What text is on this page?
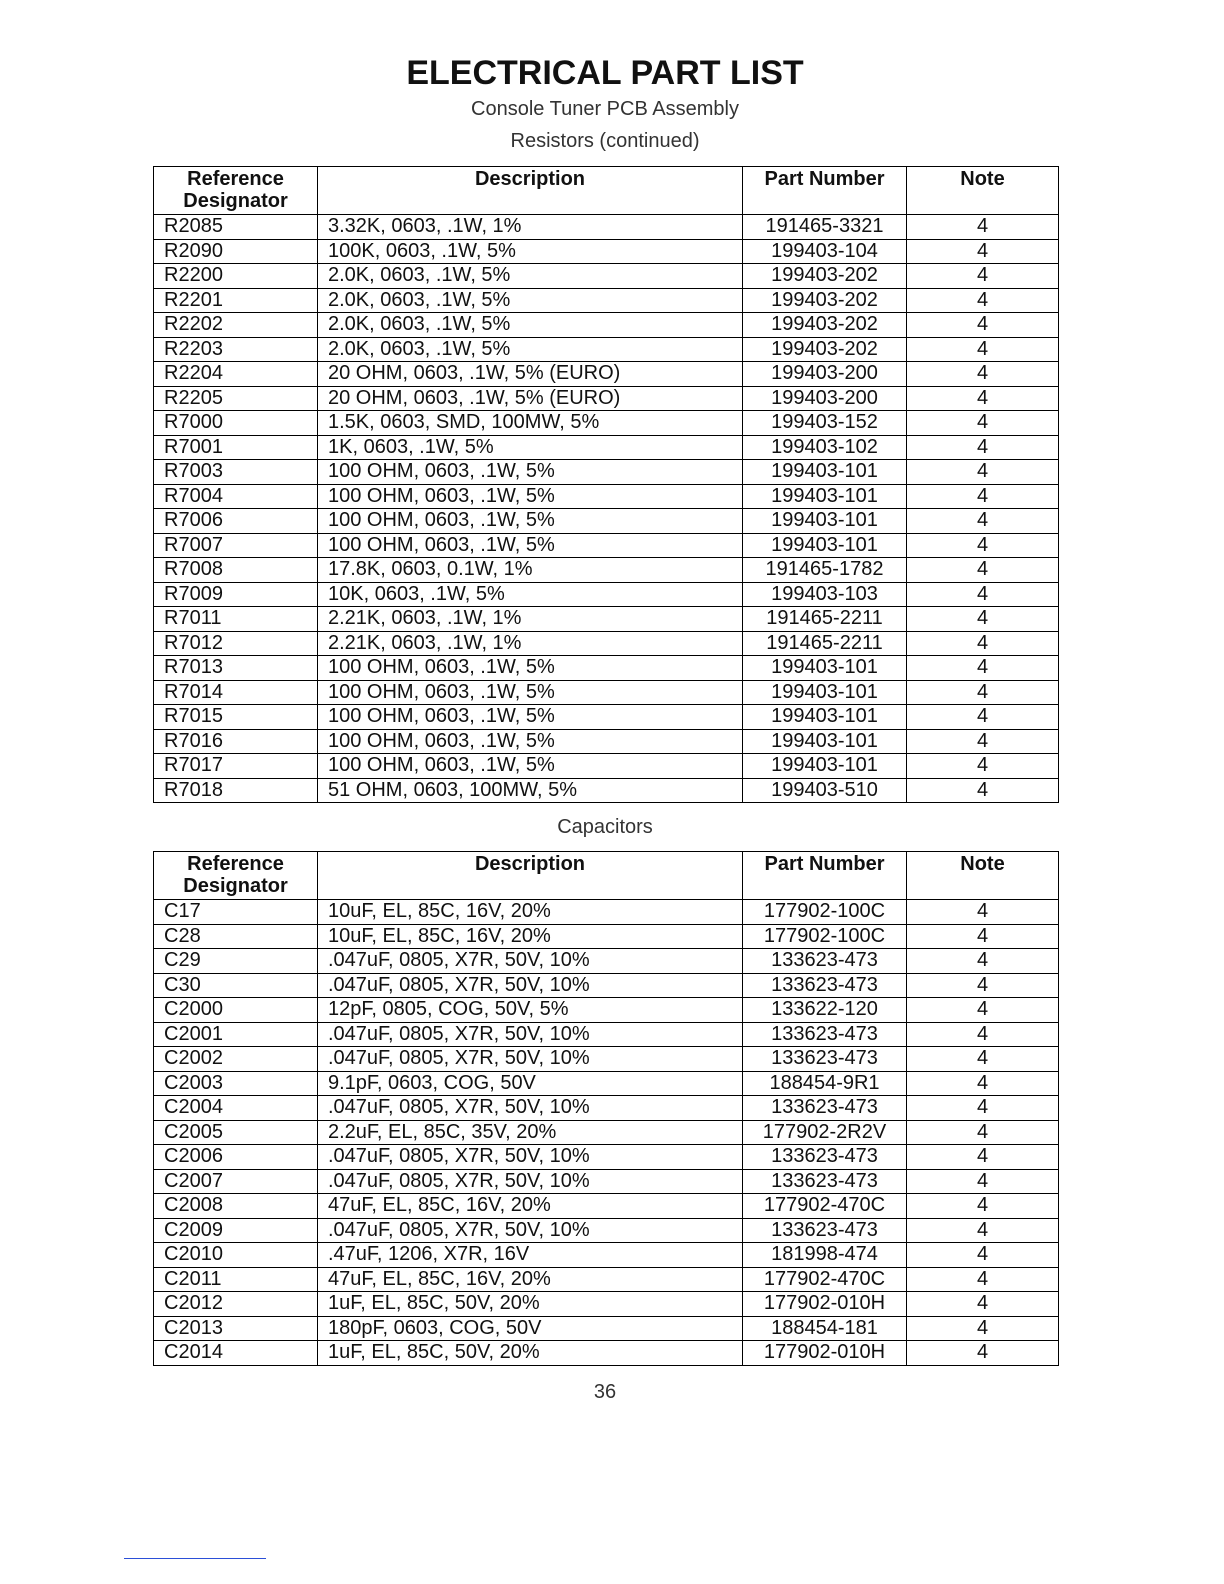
ELECTRICAL PART LIST
Console Tuner PCB Assembly
Resistors (continued)
Reference Designator	Description	Part Number	Note
R2085	3.32K, 0603, .1W, 1%	191465-3321	4
R2090	100K, 0603, .1W, 5%	199403-104	4
R2200	2.0K, 0603, .1W, 5%	199403-202	4
R2201	2.0K, 0603, .1W, 5%	199403-202	4
R2202	2.0K, 0603, .1W, 5%	199403-202	4
R2203	2.0K, 0603, .1W, 5%	199403-202	4
R2204	20 OHM, 0603, .1W, 5% (EURO)	199403-200	4
R2205	20 OHM, 0603, .1W, 5% (EURO)	199403-200	4
R7000	1.5K, 0603, SMD, 100MW, 5%	199403-152	4
R7001	1K, 0603, .1W, 5%	199403-102	4
R7003	100 OHM, 0603, .1W, 5%	199403-101	4
R7004	100 OHM, 0603, .1W, 5%	199403-101	4
R7006	100 OHM, 0603, .1W, 5%	199403-101	4
R7007	100 OHM, 0603, .1W, 5%	199403-101	4
R7008	17.8K, 0603, 0.1W, 1%	191465-1782	4
R7009	10K, 0603, .1W, 5%	199403-103	4
R7011	2.21K, 0603, .1W, 1%	191465-2211	4
R7012	2.21K, 0603, .1W, 1%	191465-2211	4
R7013	100 OHM, 0603, .1W, 5%	199403-101	4
R7014	100 OHM, 0603, .1W, 5%	199403-101	4
R7015	100 OHM, 0603, .1W, 5%	199403-101	4
R7016	100 OHM, 0603, .1W, 5%	199403-101	4
R7017	100 OHM, 0603, .1W, 5%	199403-101	4
R7018	51 OHM, 0603, 100MW, 5%	199403-510	4
Capacitors
Reference Designator	Description	Part Number	Note
C17	10uF, EL, 85C, 16V, 20%	177902-100C	4
C28	10uF, EL, 85C, 16V, 20%	177902-100C	4
C29	.047uF, 0805, X7R, 50V, 10%	133623-473	4
C30	.047uF, 0805, X7R, 50V, 10%	133623-473	4
C2000	12pF, 0805, COG, 50V, 5%	133622-120	4
C2001	.047uF, 0805, X7R, 50V, 10%	133623-473	4
C2002	.047uF, 0805, X7R, 50V, 10%	133623-473	4
C2003	9.1pF, 0603, COG, 50V	188454-9R1	4
C2004	.047uF, 0805, X7R, 50V, 10%	133623-473	4
C2005	2.2uF, EL, 85C, 35V, 20%	177902-2R2V	4
C2006	.047uF, 0805, X7R, 50V, 10%	133623-473	4
C2007	.047uF, 0805, X7R, 50V, 10%	133623-473	4
C2008	47uF, EL, 85C, 16V, 20%	177902-470C	4
C2009	.047uF, 0805, X7R, 50V, 10%	133623-473	4
C2010	.47uF, 1206, X7R, 16V	181998-474	4
C2011	47uF, EL, 85C, 16V, 20%	177902-470C	4
C2012	1uF, EL, 85C, 50V, 20%	177902-010H	4
C2013	180pF, 0603, COG, 50V	188454-181	4
C2014	1uF, EL, 85C, 50V, 20%	177902-010H	4
36
